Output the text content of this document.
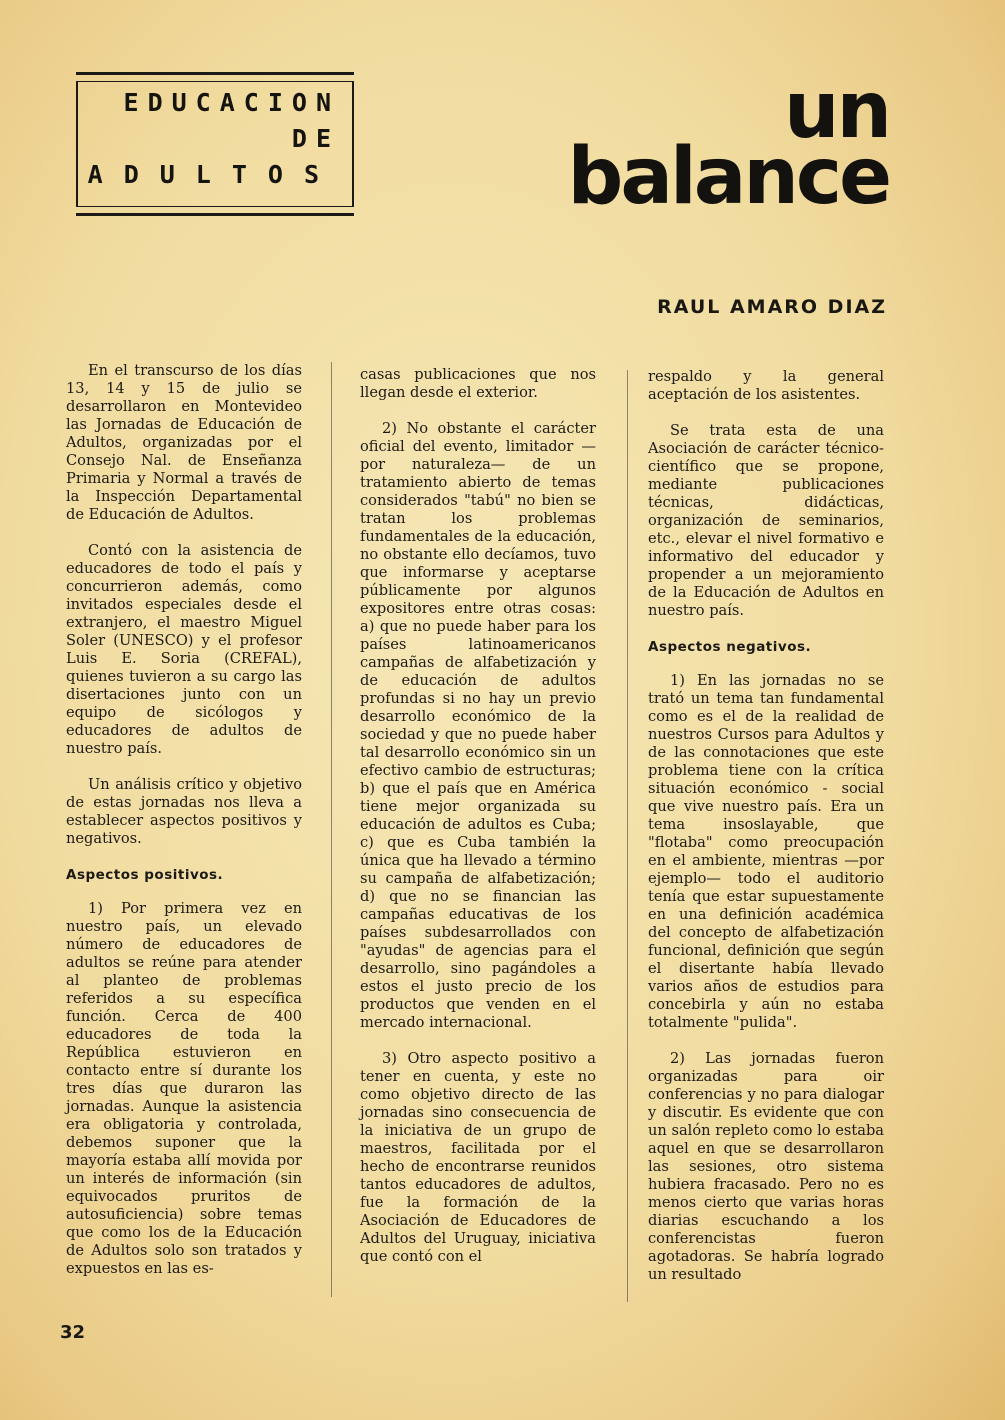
EDUCACION
DE
ADULTOS
un
balance
RAUL AMARO DIAZ

En el transcurso de los días 13, 14 y 15 de julio se desarrollaron en Montevideo las Jornadas de Educación de Adultos, organizadas por el Consejo Nal. de Enseñanza Primaria y Normal a través de la Inspección Departamental de Educación de Adultos.

Contó con la asistencia de educadores de todo el país y concurrieron además, como invitados especiales desde el extranjero, el maestro Miguel Soler (UNESCO) y el profesor Luis E. Soria (CREFAL), quienes tuvieron a su cargo las disertaciones junto con un equipo de sicólogos y educadores de adultos de nuestro país.

Un análisis crítico y objetivo de estas jornadas nos lleva a establecer aspectos positivos y negativos.

Aspectos positivos.

1) Por primera vez en nuestro país, un elevado número de educadores de adultos se reúne para atender al planteo de problemas referidos a su específica función. Cerca de 400 educadores de toda la República estuvieron en contacto entre sí durante los tres días que duraron las jornadas. Aunque la asistencia era obligatoria y controlada, debemos suponer que la mayoría estaba allí movida por un interés de información (sin equivocados pruritos de autosuficiencia) sobre temas que como los de la Educación de Adultos solo son tratados y expuestos en las es-

casas publicaciones que nos llegan desde el exterior.

2) No obstante el carácter oficial del evento, limitador —por naturaleza— de un tratamiento abierto de temas considerados "tabú" no bien se tratan los problemas fundamentales de la educación, no obstante ello decíamos, tuvo que informarse y aceptarse públicamente por algunos expositores entre otras cosas: a) que no puede haber para los países latinoamericanos campañas de alfabetización y de educación de adultos profundas si no hay un previo desarrollo económico de la sociedad y que no puede haber tal desarrollo económico sin un efectivo cambio de estructuras; b) que el país que en América tiene mejor organizada su educación de adultos es Cuba; c) que es Cuba también la única que ha llevado a término su campaña de alfabetización; d) que no se financian las campañas educativas de los países subdesarrollados con "ayudas" de agencias para el desarrollo, sino pagándoles a estos el justo precio de los productos que venden en el mercado internacional.

3) Otro aspecto positivo a tener en cuenta, y este no como objetivo directo de las jornadas sino consecuencia de la iniciativa de un grupo de maestros, facilitada por el hecho de encontrarse reunidos tantos educadores de adultos, fue la formación de la Asociación de Educadores de Adultos del Uruguay, iniciativa que contó con el

respaldo y la general aceptación de los asistentes.

Se trata esta de una Asociación de carácter técnico-científico que se propone, mediante publicaciones técnicas, didácticas, organización de seminarios, etc., elevar el nivel formativo e informativo del educador y propender a un mejoramiento de la Educación de Adultos en nuestro país.

Aspectos negativos.

1) En las jornadas no se trató un tema tan fundamental como es el de la realidad de nuestros Cursos para Adultos y de las connotaciones que este problema tiene con la crítica situación económico - social que vive nuestro país. Era un tema insoslayable, que "flotaba" como preocupación en el ambiente, mientras —por ejemplo— todo el auditorio tenía que estar supuestamente en una definición académica del concepto de alfabetización funcional, definición que según el disertante había llevado varios años de estudios para concebirla y aún no estaba totalmente "pulida".

2) Las jornadas fueron organizadas para oir conferencias y no para dialogar y discutir. Es evidente que con un salón repleto como lo estaba aquel en que se desarrollaron las sesiones, otro sistema hubiera fracasado. Pero no es menos cierto que varias horas diarias escuchando a los conferencistas fueron agotadoras. Se habría logrado un resultado

32
